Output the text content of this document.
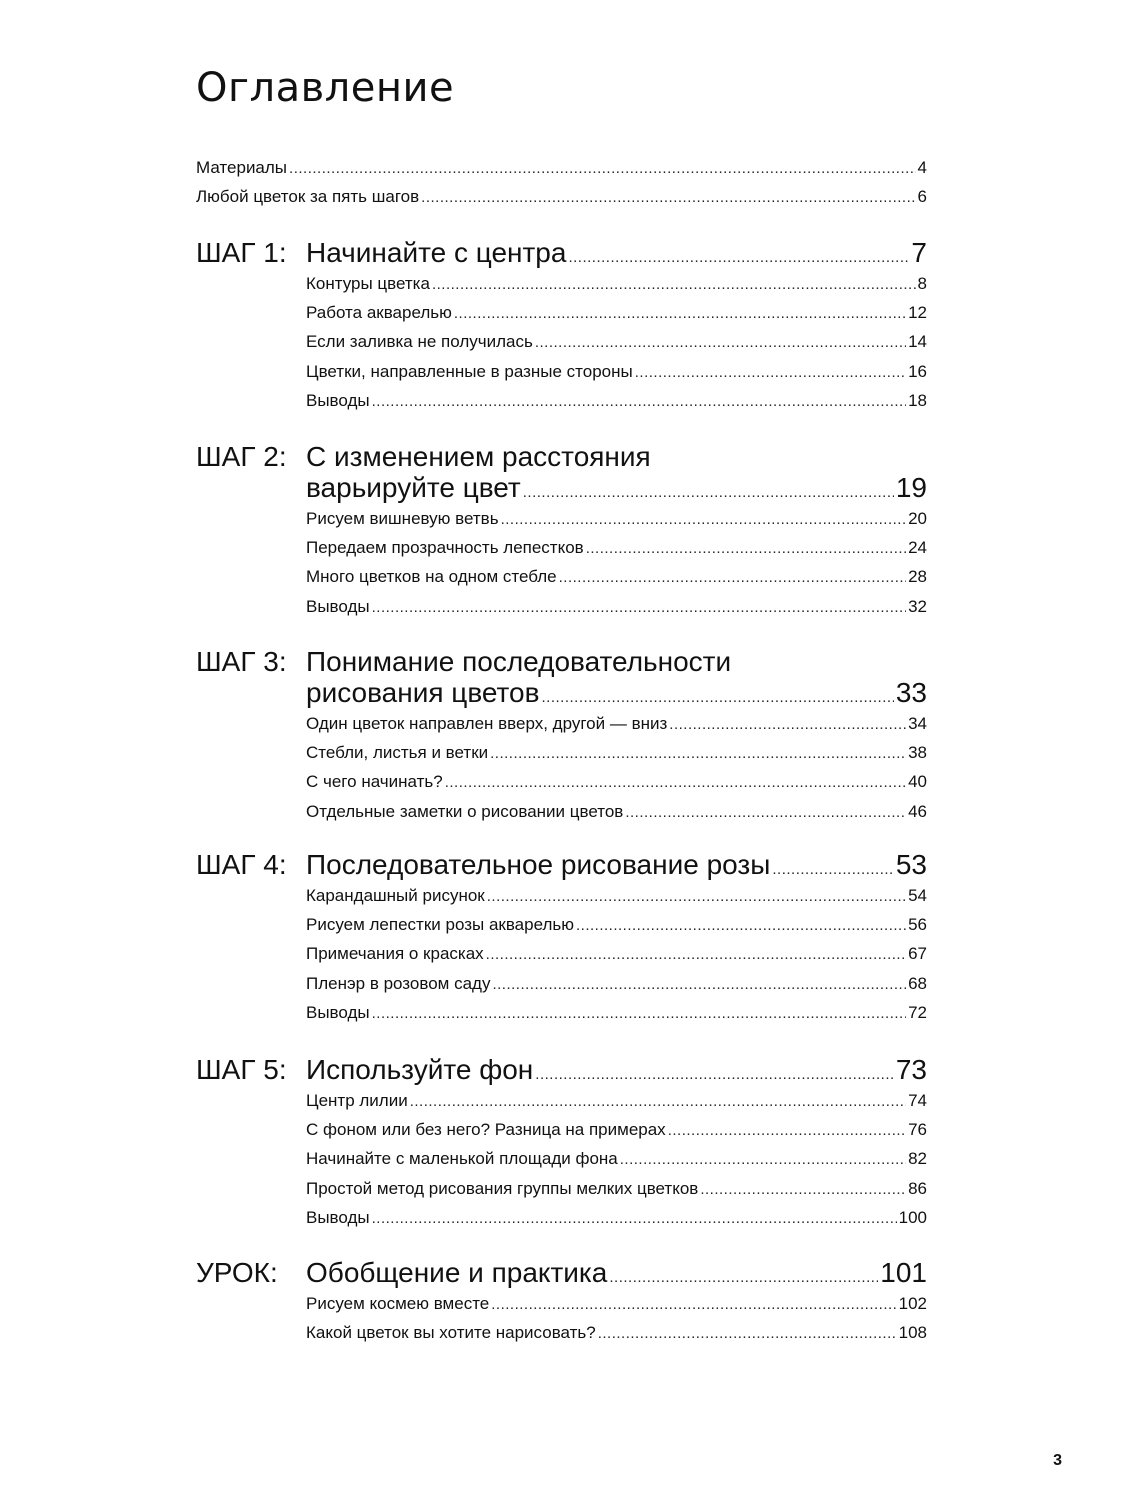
Оглавление
Материалы .....	4
Любой цветок за пять шагов .....	6
ШАГ 1: Начинайте с центра .....	7
Контуры цветка .....	8
Работа акварелью .....	12
Если заливка не получилась .....	14
Цветки, направленные в разные стороны .....	16
Выводы .....	18
ШАГ 2: С изменением расстояния
варьируйте цвет .....	19
Рисуем вишневую ветвь .....	20
Передаем прозрачность лепестков .....	24
Много цветков на одном стебле .....	28
Выводы .....	32
ШАГ 3: Понимание последовательности
рисования цветов .....	33
Один цветок направлен вверх, другой — вниз .....	34
Стебли, листья и ветки .....	38
С чего начинать? .....	40
Отдельные заметки о рисовании цветов .....	46
ШАГ 4: Последовательное рисование розы .....	53
Карандашный рисунок .....	54
Рисуем лепестки розы акварелью .....	56
Примечания о красках .....	67
Пленэр в розовом саду .....	68
Выводы .....	72
ШАГ 5: Используйте фон .....	73
Центр лилии .....	74
С фоном или без него? Разница на примерах .....	76
Начинайте с маленькой площади фона .....	82
Простой метод рисования группы мелких цветков .....	86
Выводы .....	100
УРОК: Обобщение и практика .....	101
Рисуем космею вместе .....	102
Какой цветок вы хотите нарисовать? .....	108
3
